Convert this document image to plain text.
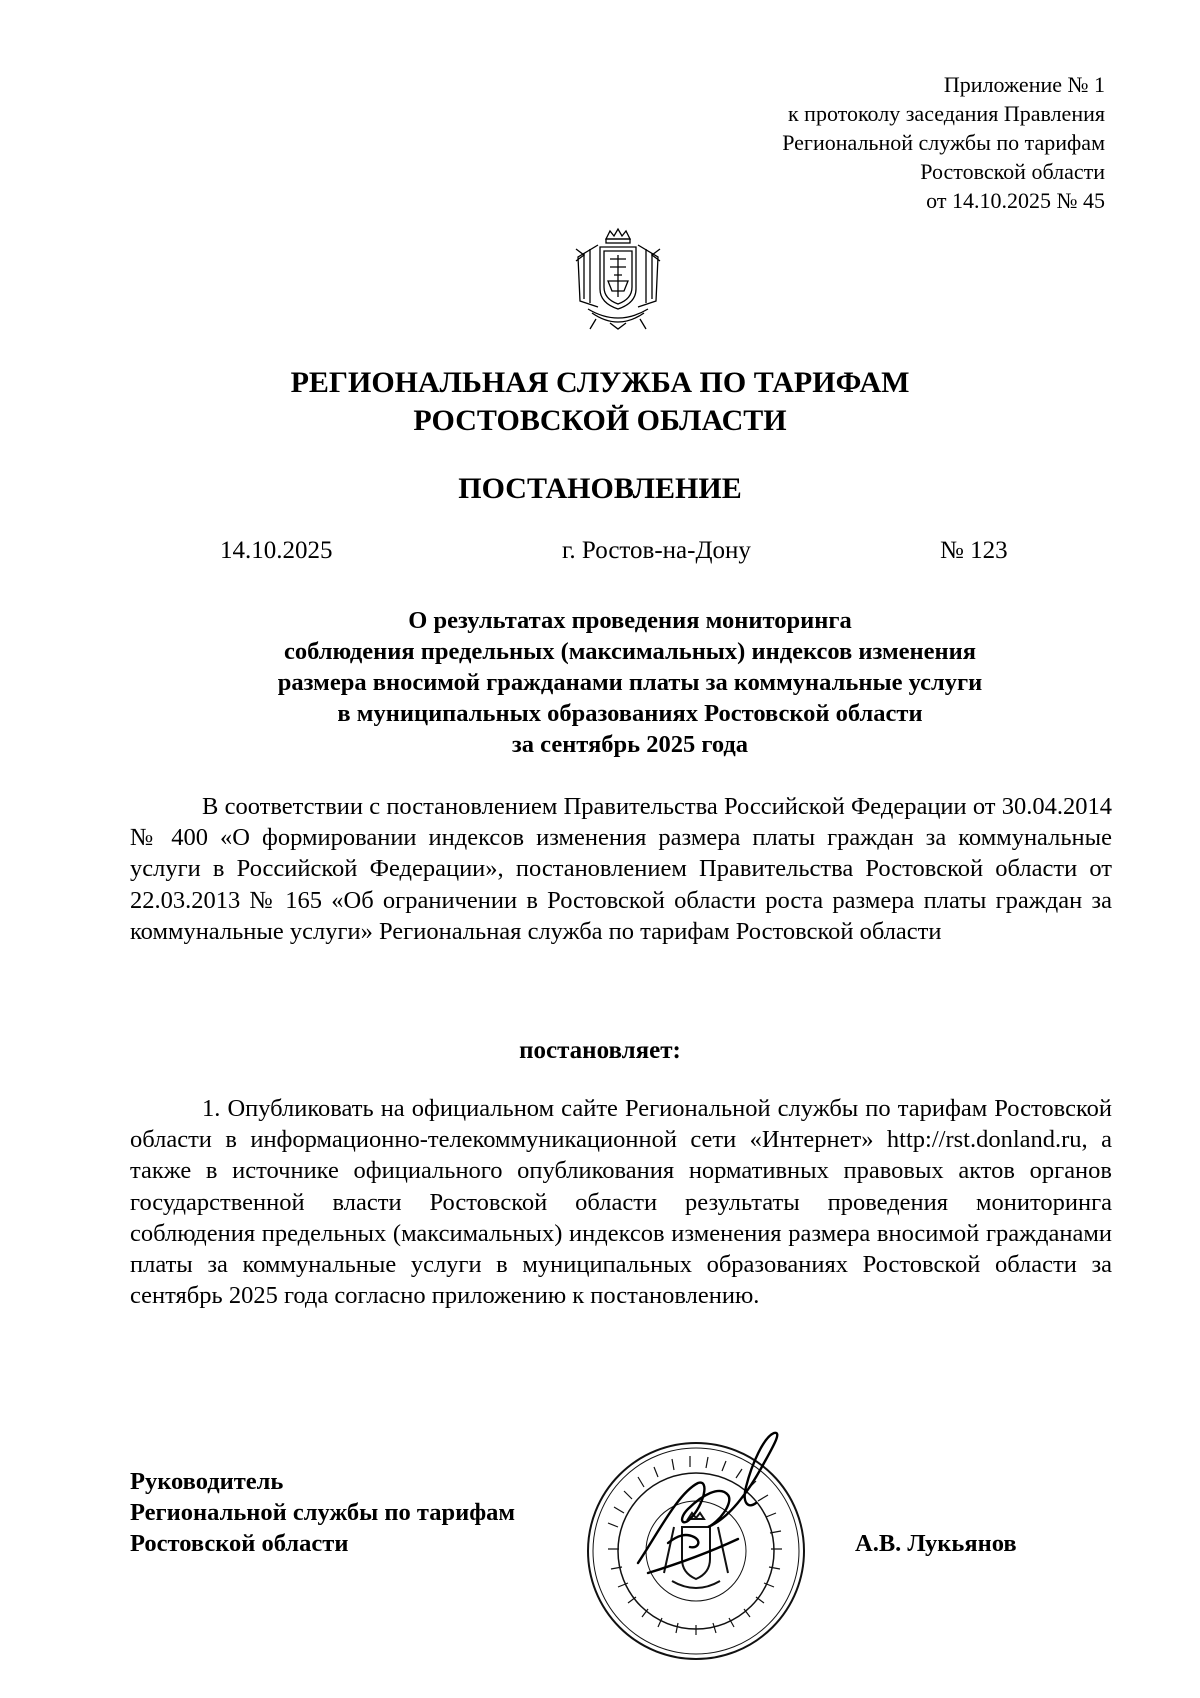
Приложение № 1
к протоколу заседания Правления
Региональной службы по тарифам
Ростовской области
от 14.10.2025 № 45
РЕГИОНАЛЬНАЯ СЛУЖБА ПО ТАРИФАМ
РОСТОВСКОЙ ОБЛАСТИ
ПОСТАНОВЛЕНИЕ
14.10.2025	г. Ростов-на-Дону	№ 123
О результатах проведения мониторинга
соблюдения предельных (максимальных) индексов изменения
размера вносимой гражданами платы за коммунальные услуги
в муниципальных образованиях Ростовской области
за сентябрь 2025 года

В соответствии с постановлением Правительства Российской Федерации от 30.04.2014 № 400 «О формировании индексов изменения размера платы граждан за коммунальные услуги в Российской Федерации», постановлением Правительства Ростовской области от 22.03.2013 № 165 «Об ограничении в Ростовской области роста размера платы граждан за коммунальные услуги» Региональная служба по тарифам Ростовской области

постановляет:

1. Опубликовать на официальном сайте Региональной службы по тарифам Ростовской области в информационно-телекоммуникационной сети «Интернет» http://rst.donland.ru, а также в источнике официального опубликования нормативных правовых актов органов государственной власти Ростовской области результаты проведения мониторинга соблюдения предельных (максимальных) индексов изменения размера вносимой гражданами платы за коммунальные услуги в муниципальных образованиях Ростовской области за сентябрь 2025 года согласно приложению к постановлению.

Руководитель
Региональной службы по тарифам
Ростовской области	А.В. Лукьянов
